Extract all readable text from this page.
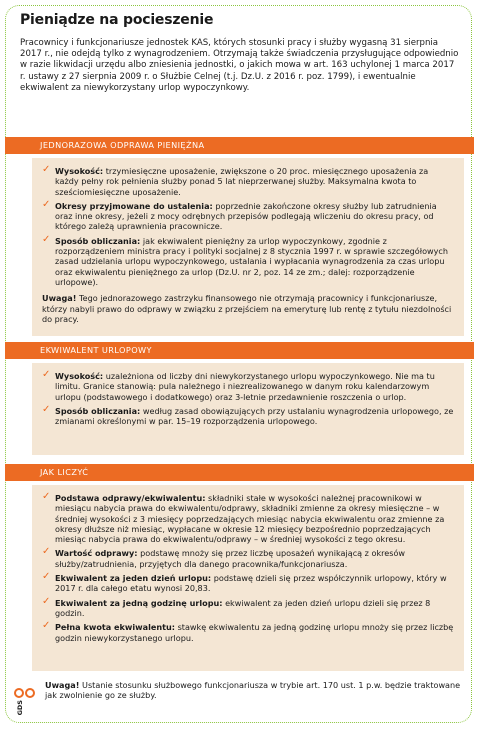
Pieniądze na pocieszenie
Pracownicy i funkcjonariusze jednostek KAS, których stosunki pracy i służby wygasną 31 sierpnia 2017 r., nie odejdą tylko z wynagrodzeniem. Otrzymają także świadczenia przysługujące odpowiednio w razie likwidacji urzędu albo zniesienia jednostki, o jakich mowa w art. 163 uchylonej 1 marca 2017 r. ustawy z 27 sierpnia 2009 r. o Służbie Celnej (t.j. Dz.U. z 2016 r. poz. 1799), i ewentualnie ekwiwalent za niewykorzystany urlop wypoczynkowy.
JEDNORAZOWA ODPRAWA PIENIĘŻNA
✓ Wysokość: trzymiesięczne uposażenie, zwiększone o 20 proc. miesięcznego uposażenia za każdy pełny rok pełnienia służby ponad 5 lat nieprzerwanej służby. Maksymalna kwota to sześciomiesięczne uposażenie.
✓ Okresy przyjmowane do ustalenia: poprzednie zakończone okresy służby lub zatrudnienia oraz inne okresy, jeżeli z mocy odrębnych przepisów podlegają wliczeniu do okresu pracy, od którego zależą uprawnienia pracownicze.
✓ Sposób obliczania: jak ekwiwalent pieniężny za urlop wypoczynkowy, zgodnie z rozporządzeniem ministra pracy i polityki socjalnej z 8 stycznia 1997 r. w sprawie szczegółowych zasad udzielania urlopu wypoczynkowego, ustalania i wypłacania wynagrodzenia za czas urlopu oraz ekwiwalentu pieniężnego za urlop (Dz.U. nr 2, poz. 14 ze zm.; dalej: rozporządzenie urlopowe).
Uwaga! Tego jednorazowego zastrzyku finansowego nie otrzymają pracownicy i funkcjonariusze, którzy nabyli prawo do odprawy w związku z przejściem na emeryturę lub rentę z tytułu niezdolności do pracy.
EKWIWALENT URLOPOWY
✓ Wysokość: uzależniona od liczby dni niewykorzystanego urlopu wypoczynkowego. Nie ma tu limitu. Granice stanowią: pula należnego i niezrealizowanego w danym roku kalendarzowym urlopu (podstawowego i dodatkowego) oraz 3-letnie przedawnienie roszczenia o urlop.
✓ Sposób obliczania: według zasad obowiązujących przy ustalaniu wynagrodzenia urlopowego, ze zmianami określonymi w par. 15–19 rozporządzenia urlopowego.
JAK LICZYĆ
✓ Podstawa odprawy/ekwiwalentu: składniki stałe w wysokości należnej pracownikowi w miesiącu nabycia prawa do ekwiwalentu/odprawy, składniki zmienne za okresy miesięczne – w średniej wysokości z 3 miesięcy poprzedzających miesiąc nabycia ekwiwalentu oraz zmienne za okresy dłuższe niż miesiąc, wypłacane w okresie 12 miesięcy bezpośrednio poprzedzających miesiąc nabycia prawa do ekwiwalentu/odprawy – w średniej wysokości z tego okresu.
✓ Wartość odprawy: podstawę mnoży się przez liczbę uposażeń wynikającą z okresów służby/zatrudnienia, przyjętych dla danego pracownika/funkcjonariusza.
✓ Ekwiwalent za jeden dzień urlopu: podstawę dzieli się przez współczynnik urlopowy, który w 2017 r. dla całego etatu wynosi 20,83.
✓ Ekwiwalent za jedną godzinę urlopu: ekwiwalent za jeden dzień urlopu dzieli się przez 8 godzin.
✓ Pełna kwota ekwiwalentu: stawkę ekwiwalentu za jedną godzinę urlopu mnoży się przez liczbę godzin niewykorzystanego urlopu.
Uwaga! Ustanie stosunku służbowego funkcjonariusza w trybie art. 170 ust. 1 p.w. będzie traktowane jak zwolnienie go ze służby.
GDS
